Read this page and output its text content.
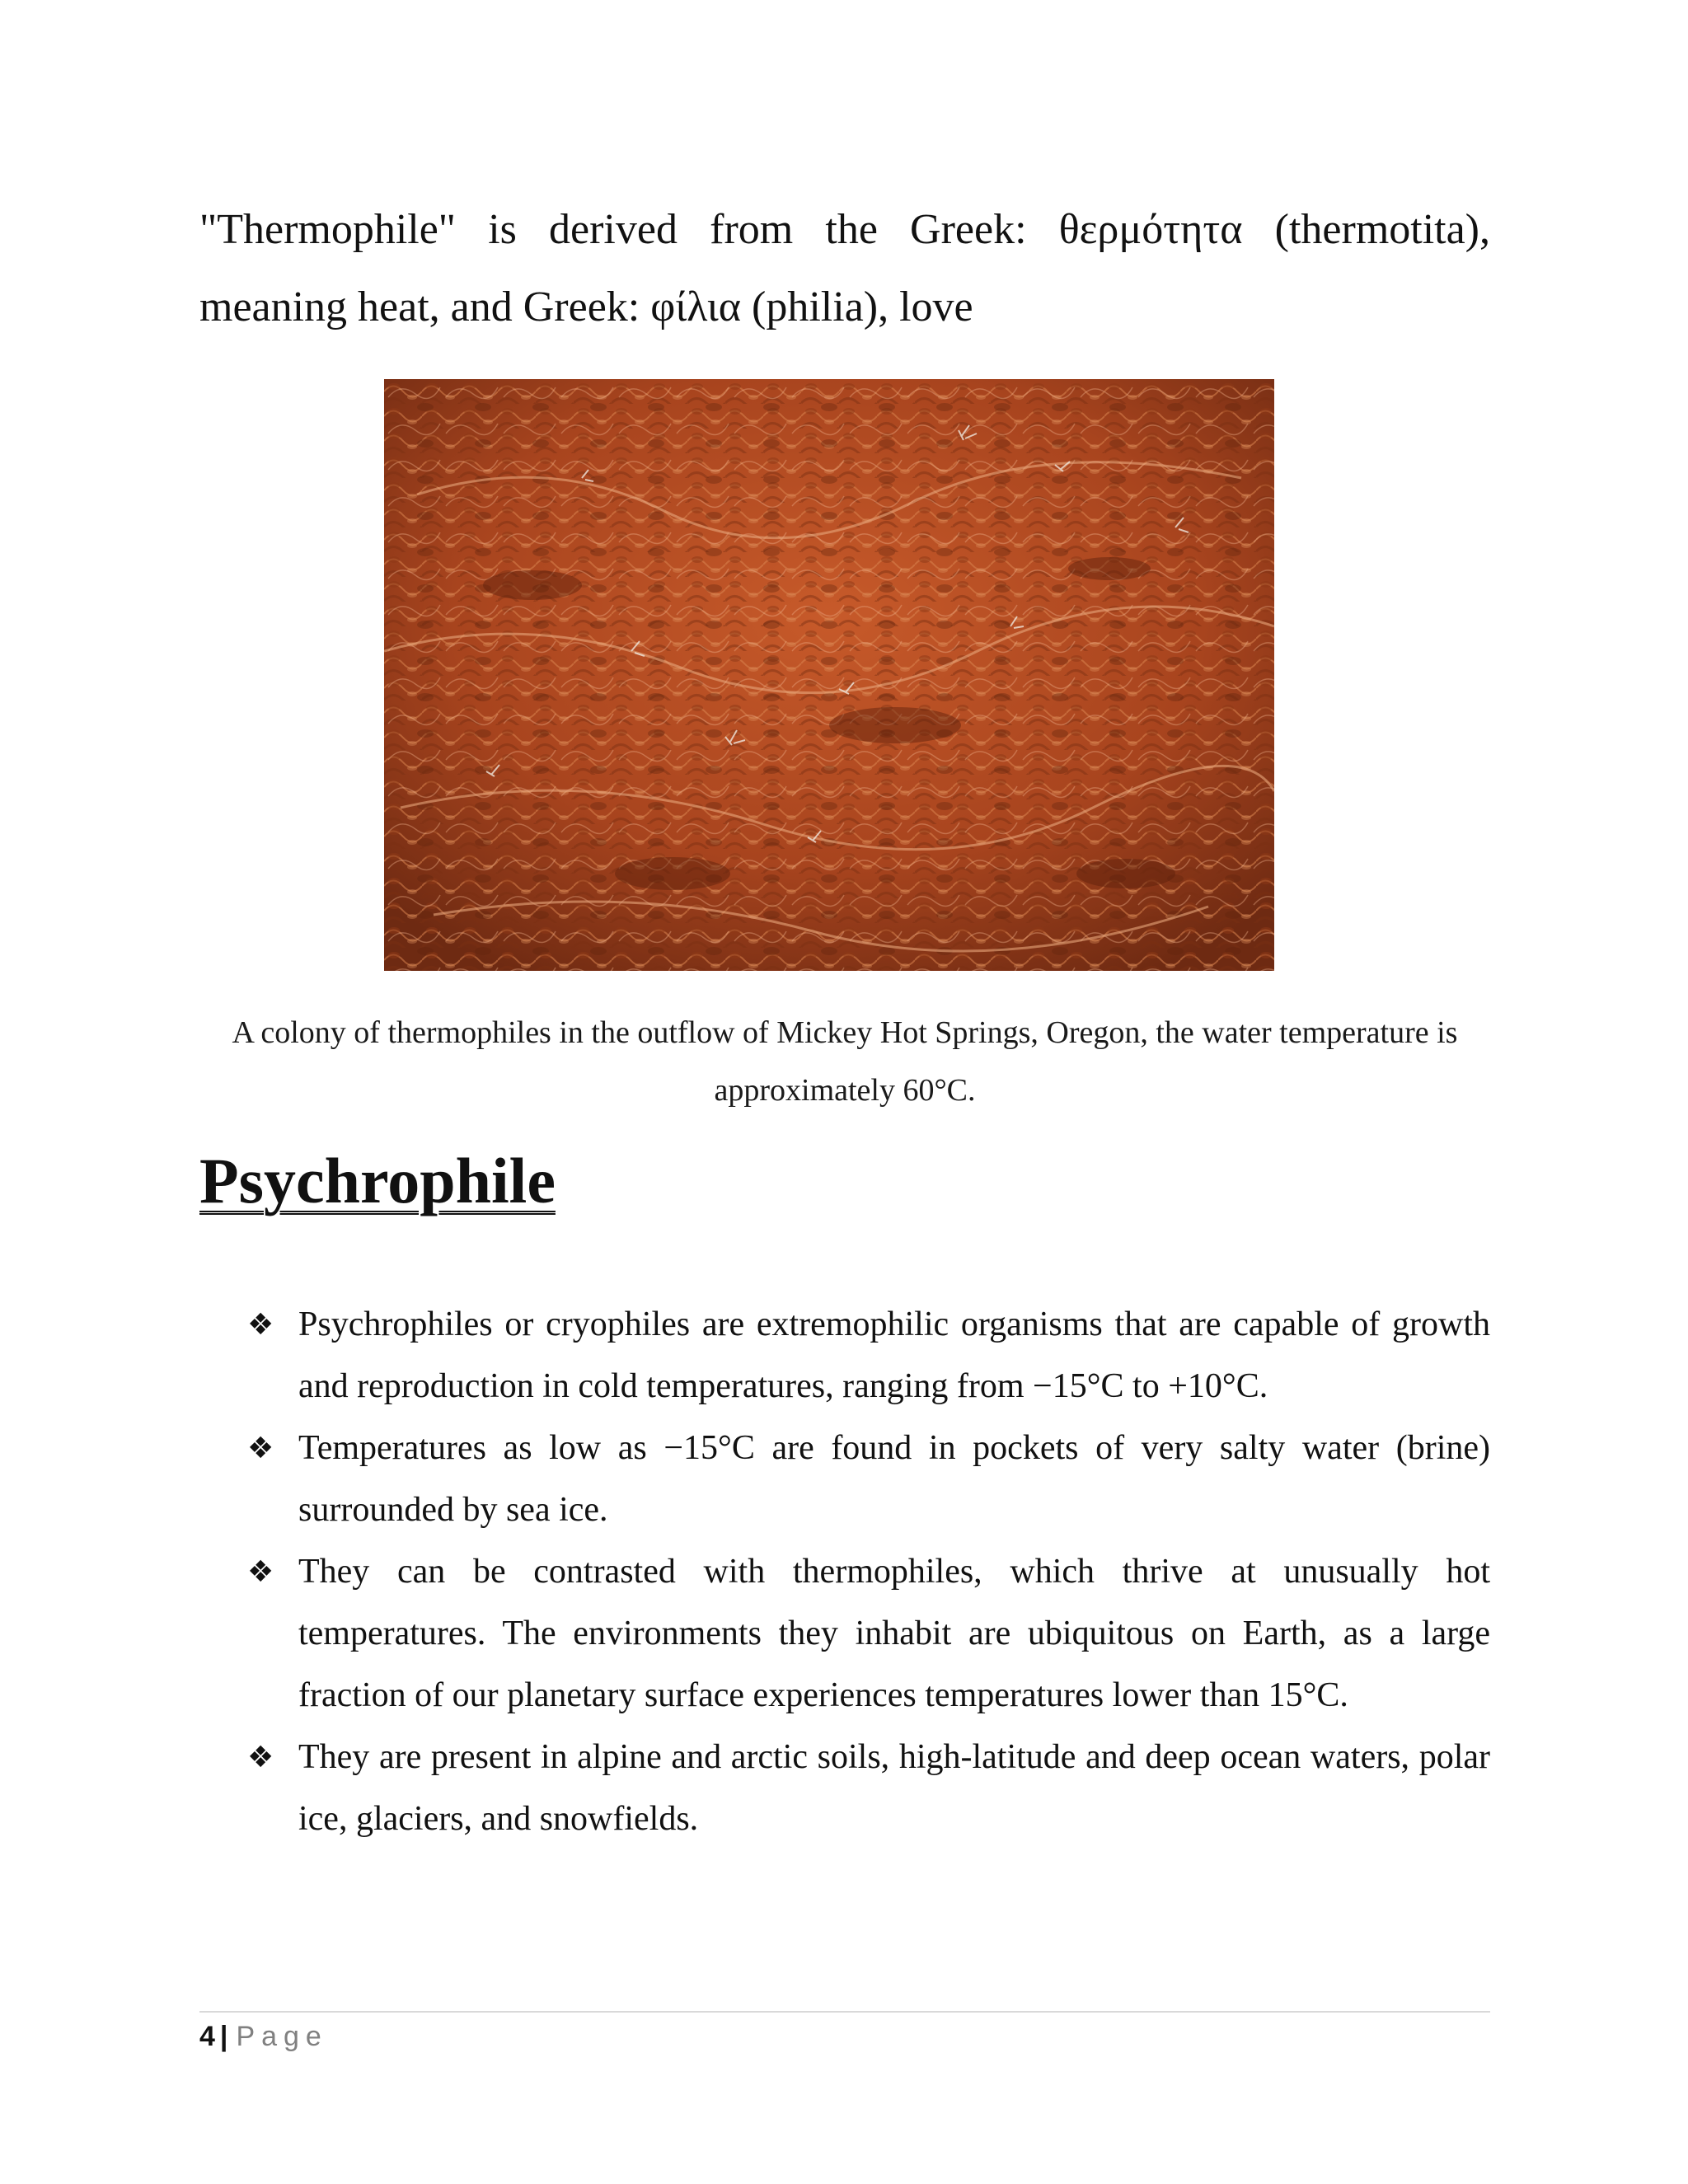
"Thermophile" is derived from the Greek: θερμότητα (thermotita), meaning heat, and Greek: φίλια (philia), love

A colony of thermophiles in the outflow of Mickey Hot Springs, Oregon, the water temperature is approximately 60°C.

Psychrophile
❖ Psychrophiles or cryophiles are extremophilic organisms that are capable of growth and reproduction in cold temperatures, ranging from −15°C to +10°C.
❖ Temperatures as low as −15°C are found in pockets of very salty water (brine) surrounded by sea ice.
❖ They can be contrasted with thermophiles, which thrive at unusually hot temperatures. The environments they inhabit are ubiquitous on Earth, as a large fraction of our planetary surface experiences temperatures lower than 15°C.
❖ They are present in alpine and arctic soils, high-latitude and deep ocean waters, polar ice, glaciers, and snowfields.
4 | Page
